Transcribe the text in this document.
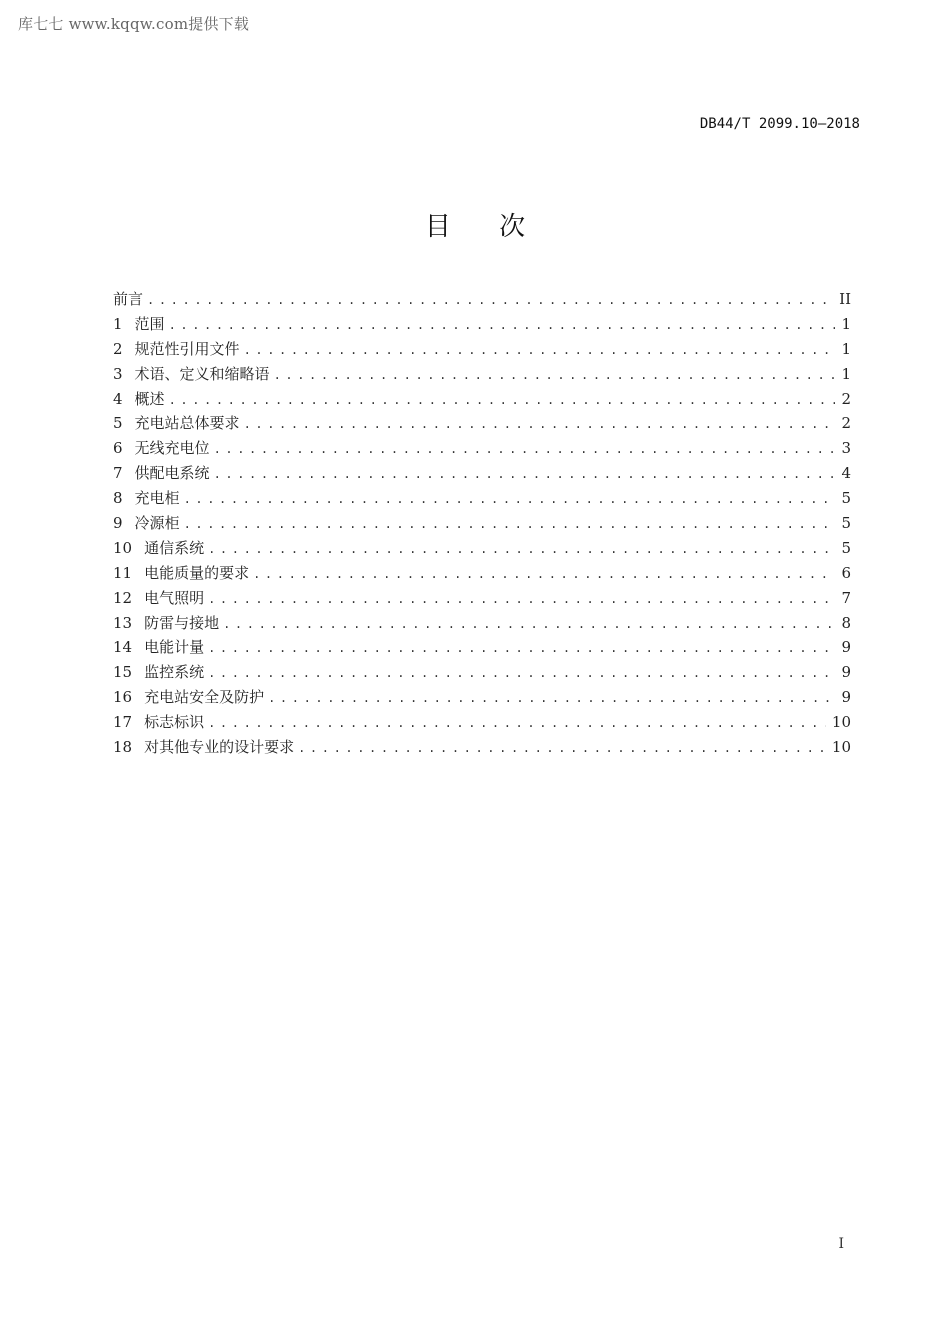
库七七 www.kqqw.com提供下载
DB44/T 2099.10—2018
目 次
前言 .....	II
1 范围 .....	1
2 规范性引用文件 .....	1
3 术语、定义和缩略语 .....	1
4 概述 .....	2
5 充电站总体要求 .....	2
6 无线充电位 .....	3
7 供配电系统 .....	4
8 充电柜 .....	5
9 冷源柜 .....	5
10 通信系统 .....	5
11 电能质量的要求 .....	6
12 电气照明 .....	7
13 防雷与接地 .....	8
14 电能计量 .....	9
15 监控系统 .....	9
16 充电站安全及防护 .....	9
17 标志标识 .....	10
18 对其他专业的设计要求 .....	10
I
